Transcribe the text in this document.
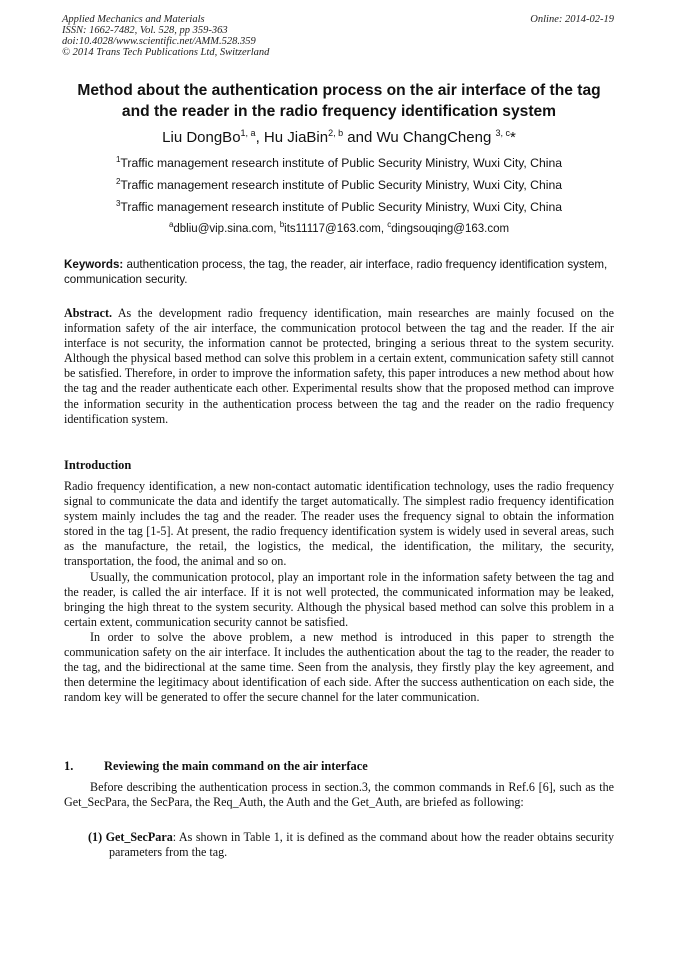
Applied Mechanics and Materials
ISSN: 1662-7482, Vol. 528, pp 359-363
doi:10.4028/www.scientific.net/AMM.528.359
© 2014 Trans Tech Publications Ltd, Switzerland
Online: 2014-02-19
Method about the authentication process on the air interface of the tag
and the reader in the radio frequency identification system
Liu DongBo$^{1, a}$, Hu JiaBin$^{2, b}$ and Wu ChangCheng $^{3, c}$*
$^1$Traffic management research institute of Public Security Ministry, Wuxi City, China
$^2$Traffic management research institute of Public Security Ministry, Wuxi City, China
$^3$Traffic management research institute of Public Security Ministry, Wuxi City, China
$^a$dbliu@vip.sina.com, $^b$its11117@163.com, $^c$dingsouqing@163.com
Keywords: authentication process, the tag, the reader, air interface, radio frequency identification system, communication security.
Abstract. As the development radio frequency identification, main researches are mainly focused on the information safety of the air interface, the communication protocol between the tag and the reader. If the air interface is not security, the information cannot be protected, bringing a serious threat to the system security. Although the physical based method can solve this problem in a certain extent, communication safety still cannot be satisfied. Therefore, in order to improve the information safety, this paper introduces a new method about how the tag and the reader authenticate each other. Experimental results show that the proposed method can improve the information security in the authentication process between the tag and the reader on the radio frequency identification system.
Introduction

Radio frequency identification, a new non-contact automatic identification technology, uses the radio frequency signal to communicate the data and identify the target automatically. The simplest radio frequency identification system mainly includes the tag and the reader. The reader uses the frequency signal to obtain the information stored in the tag [1-5]. At present, the radio frequency identification system is widely used in several areas, such as the manufacture, the retail, the logistics, the medical, the identification, the military, the security, transportation, the food, the animal and so on.

Usually, the communication protocol, play an important role in the information safety between the tag and the reader, is called the air interface. If it is not well protected, the communicated information may be leaked, bringing the high threat to the system security. Although the physical based method can solve this problem in a certain extent, communication security cannot be satisfied.

In order to solve the above problem, a new method is introduced in this paper to strength the communication safety on the air interface. It includes the authentication about the tag to the reader, the reader to the tag, and the bidirectional at the same time. Seen from the analysis, they firstly play the key agreement, and then determine the legitimacy about identification of each side. After the success authentication on each side, the random key will be generated to offer the secure channel for the later communication.

1. Reviewing the main command on the air interface

Before describing the authentication process in section.3, the common commands in Ref.6 [6], such as the Get_SecPara, the SecPara, the Req_Auth, the Auth and the Get_Auth, are briefed as following:

(1) Get_SecPara: As shown in Table 1, it is defined as the command about how the reader obtains security parameters from the tag.
